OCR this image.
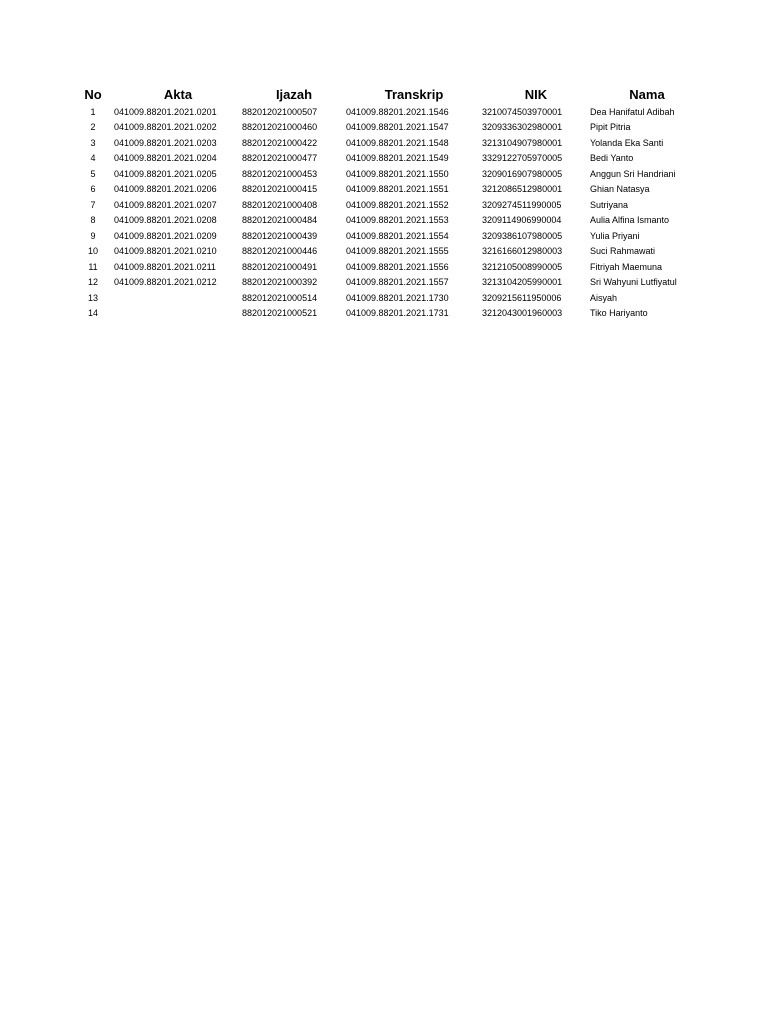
No	Akta	Ijazah	Transkrip	NIK	Nama
1	041009.88201.2021.0201	882012021000507	041009.88201.2021.1546	3210074503970001	Dea Hanifatul Adibah
2	041009.88201.2021.0202	882012021000460	041009.88201.2021.1547	3209336302980001	Pipit Pitria
3	041009.88201.2021.0203	882012021000422	041009.88201.2021.1548	3213104907980001	Yolanda Eka Santi
4	041009.88201.2021.0204	882012021000477	041009.88201.2021.1549	3329122705970005	Bedi Yanto
5	041009.88201.2021.0205	882012021000453	041009.88201.2021.1550	3209016907980005	Anggun Sri Handriani
6	041009.88201.2021.0206	882012021000415	041009.88201.2021.1551	3212086512980001	Ghian Natasya
7	041009.88201.2021.0207	882012021000408	041009.88201.2021.1552	3209274511990005	Sutriyana
8	041009.88201.2021.0208	882012021000484	041009.88201.2021.1553	3209114906990004	Aulia Alfina Ismanto
9	041009.88201.2021.0209	882012021000439	041009.88201.2021.1554	3209386107980005	Yulia Priyani
10	041009.88201.2021.0210	882012021000446	041009.88201.2021.1555	3216166012980003	Suci Rahmawati
11	041009.88201.2021.0211	882012021000491	041009.88201.2021.1556	3212105008990005	Fitriyah Maemuna
12	041009.88201.2021.0212	882012021000392	041009.88201.2021.1557	3213104205990001	Sri Wahyuni Lutfiyatul
13		882012021000514	041009.88201.2021.1730	3209215611950006	Aisyah
14		882012021000521	041009.88201.2021.1731	3212043001960003	Tiko Hariyanto
